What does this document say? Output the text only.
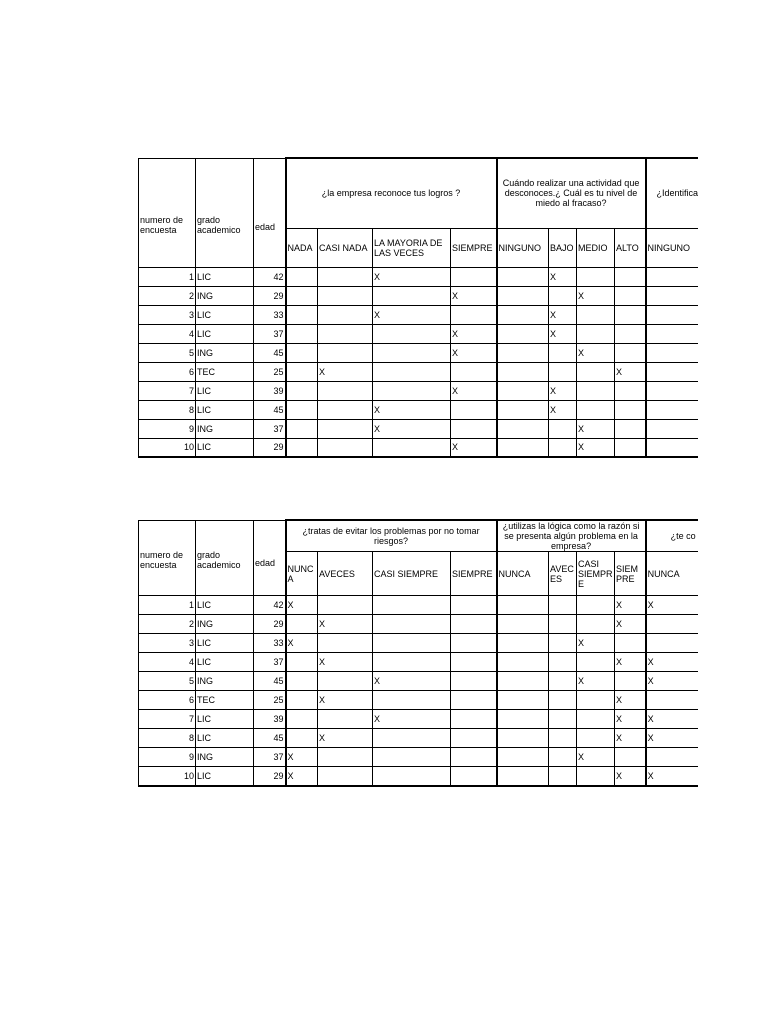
numero de encuesta	grado academico	edad	¿la empresa reconoce tus logros ?				Cuándo realizar una actividad que desconoces.¿ Cuál es tu nivel de miedo al fracaso?				¿Identifica
			NADA	CASI NADA	LA MAYORIA DE LAS VECES	SIEMPRE	NINGUNO	BAJO	MEDIO	ALTO	NINGUNO
1	LIC	42			X			X			
2	ING	29				X			X		
3	LIC	33			X			X			
4	LIC	37				X		X			
5	ING	45				X			X		
6	TEC	25		X						X	
7	LIC	39				X		X			
8	LIC	45			X			X			
9	ING	37			X				X		
10	LIC	29				X			X		
numero de encuesta	grado academico	edad	¿tratas de evitar los problemas por no tomar riesgos?				¿utilizas la lógica como la razón si se presenta algún problema en la empresa?				¿te co
			NUNCA	AVECES	CASI SIEMPRE	SIEMPRE	NUNCA	AVECES	CASI SIEMPRE	SIEMPRE	NUNCA
1	LIC	42	X							X	X
2	ING	29		X						X	
3	LIC	33	X						X		
4	LIC	37		X						X	X
5	ING	45			X				X		X
6	TEC	25		X						X	
7	LIC	39			X					X	X
8	LIC	45		X						X	X
9	ING	37	X						X		
10	LIC	29	X							X	X
